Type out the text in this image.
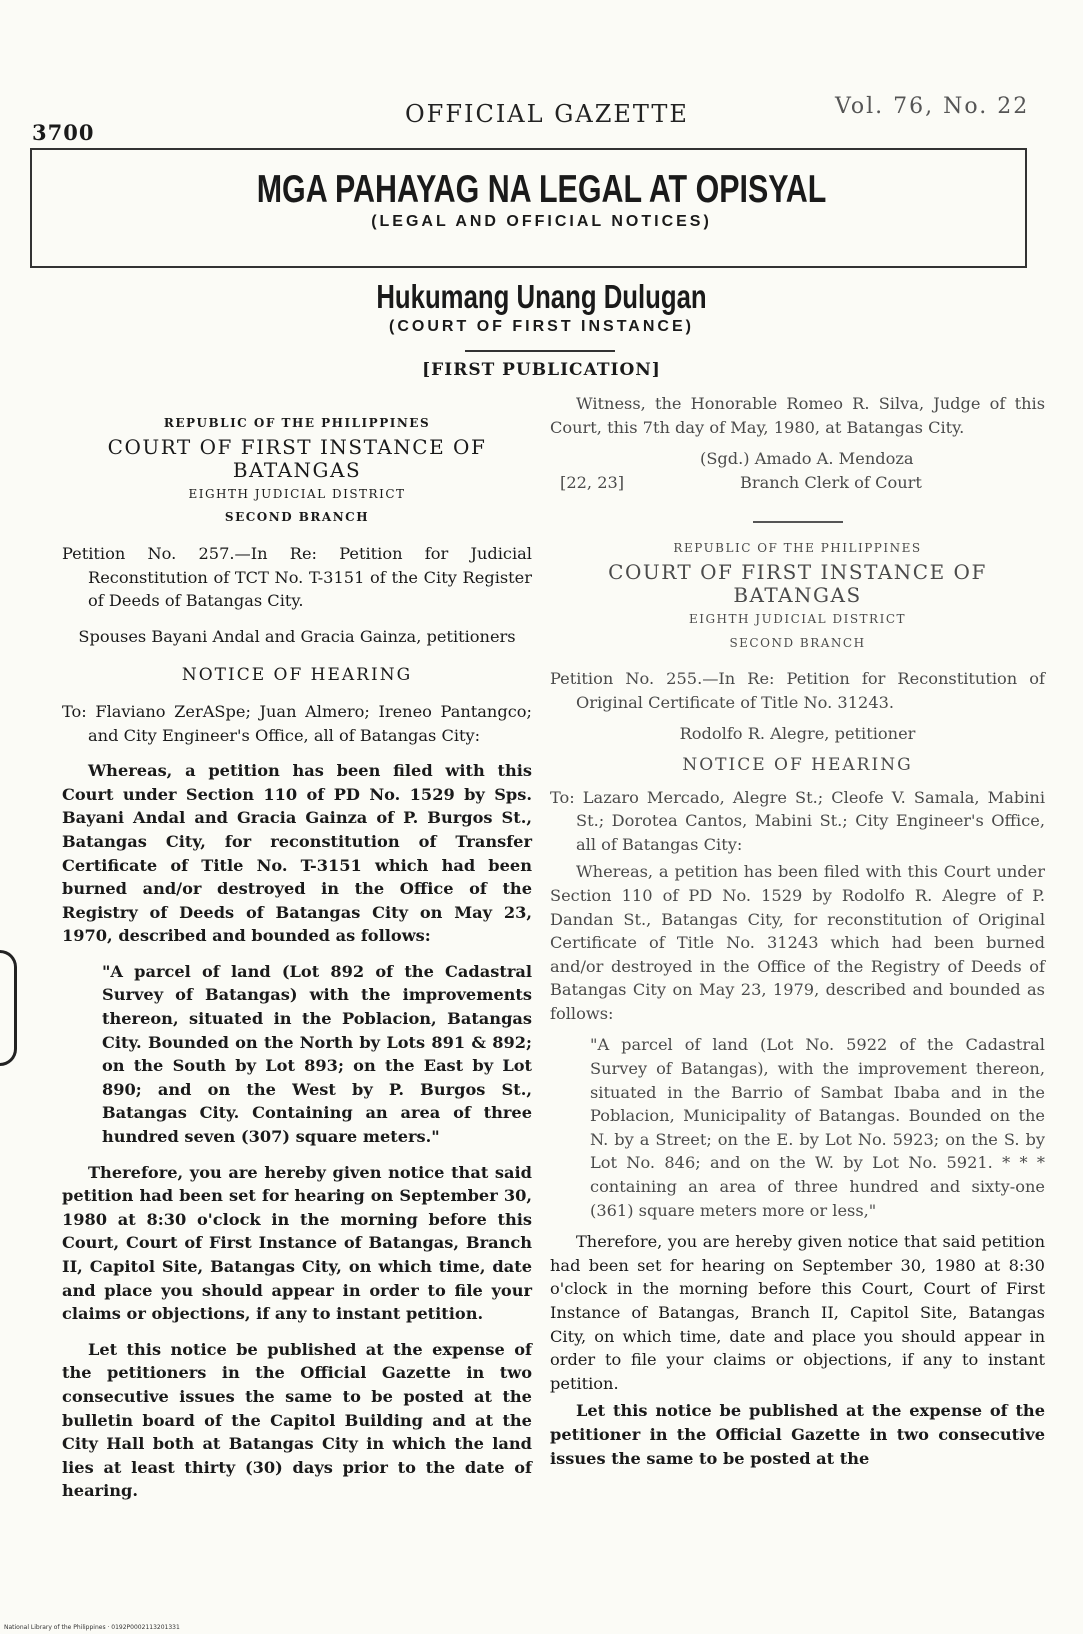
3700
OFFICIAL GAZETTE	Vol. 76, No. 22
MGA PAHAYAG NA LEGAL AT OPISYAL
(LEGAL AND OFFICIAL NOTICES)
Hukumang Unang Dulugan
(COURT OF FIRST INSTANCE)
[FIRST PUBLICATION]

REPUBLIC OF THE PHILIPPINES

COURT OF FIRST INSTANCE OF BATANGAS

EIGHTH JUDICIAL DISTRICT

SECOND BRANCH

Petition No. 257.—In Re: Petition for Judicial Reconstitution of TCT No. T-3151 of the City Register of Deeds of Batangas City.

Spouses Bayani Andal and Gracia Gainza, petitioners

NOTICE OF HEARING

To: Flaviano ZerASpe; Juan Almero; Ireneo Pantangco; and City Engineer's Office, all of Batangas City:

Whereas, a petition has been filed with this Court under Section 110 of PD No. 1529 by Sps. Bayani Andal and Gracia Gainza of P. Burgos St., Batangas City, for reconstitution of Transfer Certificate of Title No. T-3151 which had been burned and/or destroyed in the Office of the Registry of Deeds of Batangas City on May 23, 1970, described and bounded as follows:

"A parcel of land (Lot 892 of the Cadastral Survey of Batangas) with the improvements thereon, situated in the Poblacion, Batangas City. Bounded on the North by Lots 891 & 892; on the South by Lot 893; on the East by Lot 890; and on the West by P. Burgos St., Batangas City. Containing an area of three hundred seven (307) square meters."

Therefore, you are hereby given notice that said petition had been set for hearing on September 30, 1980 at 8:30 o'clock in the morning before this Court, Court of First Instance of Batangas, Branch II, Capitol Site, Batangas City, on which time, date and place you should appear in order to file your claims or objections, if any to instant petition.

Let this notice be published at the expense of the petitioners in the Official Gazette in two consecutive issues the same to be posted at the bulletin board of the Capitol Building and at the City Hall both at Batangas City in which the land lies at least thirty (30) days prior to the date of hearing.

Witness, the Honorable Romeo R. Silva, Judge of this Court, this 7th day of May, 1980, at Batangas City.

(Sgd.) Amado A. Mendoza
Branch Clerk of Court
[22, 23]

REPUBLIC OF THE PHILIPPINES

COURT OF FIRST INSTANCE OF BATANGAS

EIGHTH JUDICIAL DISTRICT

SECOND BRANCH

Petition No. 255.—In Re: Petition for Reconstitution of Original Certificate of Title No. 31243.

Rodolfo R. Alegre, petitioner

NOTICE OF HEARING

To: Lazaro Mercado, Alegre St.; Cleofe V. Samala, Mabini St.; Dorotea Cantos, Mabini St.; City Engineer's Office, all of Batangas City:

Whereas, a petition has been filed with this Court under Section 110 of PD No. 1529 by Rodolfo R. Alegre of P. Dandan St., Batangas City, for reconstitution of Original Certificate of Title No. 31243 which had been burned and/or destroyed in the Office of the Registry of Deeds of Batangas City on May 23, 1979, described and bounded as follows:

"A parcel of land (Lot No. 5922 of the Cadastral Survey of Batangas), with the improvement thereon, situated in the Barrio of Sambat Ibaba and in the Poblacion, Municipality of Batangas. Bounded on the N. by a Street; on the E. by Lot No. 5923; on the S. by Lot No. 846; and on the W. by Lot No. 5921. * * * containing an area of three hundred and sixty-one (361) square meters more or less,"

Therefore, you are hereby given notice that said petition had been set for hearing on September 30, 1980 at 8:30 o'clock in the morning before this Court, Court of First Instance of Batangas, Branch II, Capitol Site, Batangas City, on which time, date and place you should appear in order to file your claims or objections, if any to instant petition.

Let this notice be published at the expense of the petitioner in the Official Gazette in two consecutive issues the same to be posted at the

National Library of the Philippines · 0192P0002113201331
